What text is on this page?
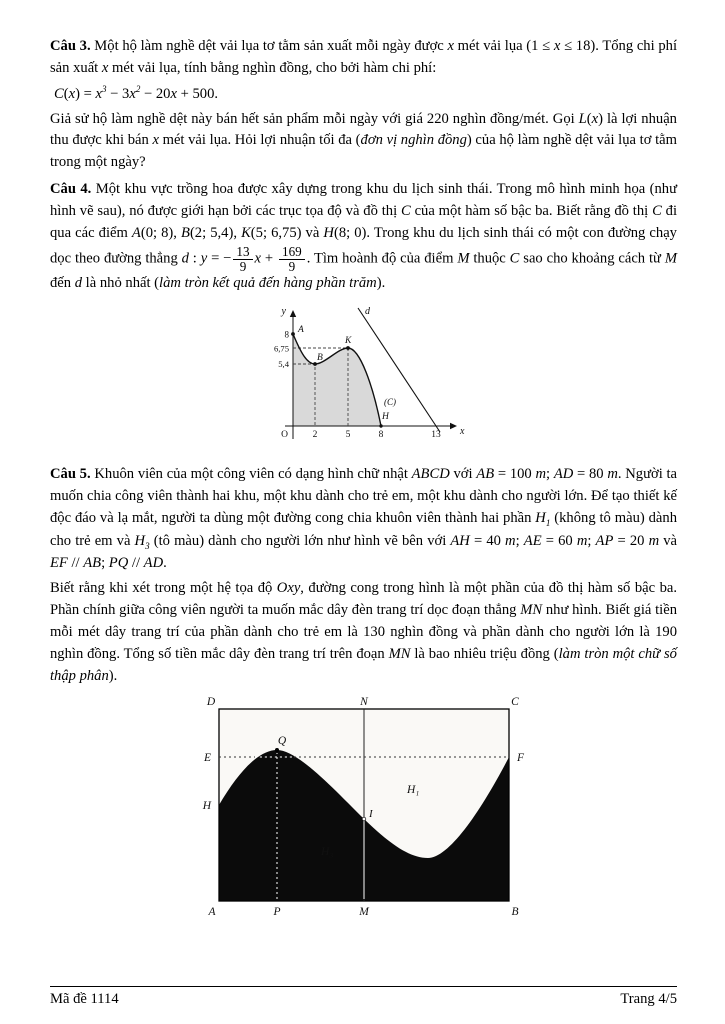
Câu 3. Một hộ làm nghề dệt vải lụa tơ tằm sản xuất mỗi ngày được x mét vải lụa (1 ≤ x ≤ 18). Tổng chi phí sản xuất x mét vải lụa, tính bằng nghìn đồng, cho bởi hàm chi phí:

$C(x) = x^3 - 3x^2 - 20x + 500$.

Giả sử hộ làm nghề dệt này bán hết sản phẩm mỗi ngày với giá 220 nghìn đồng/mét. Gọi L(x) là lợi nhuận thu được khi bán x mét vải lụa. Hỏi lợi nhuận tối đa (đơn vị nghìn đồng) của hộ làm nghề dệt vải lụa tơ tằm trong một ngày?

Câu 4. Một khu vực trồng hoa được xây dựng trong khu du lịch sinh thái. Trong mô hình minh họa (như hình vẽ sau), nó được giới hạn bởi các trục tọa độ và đồ thị C của một hàm số bậc ba. Biết rằng đồ thị C đi qua các điểm A(0; 8), B(2; 5,4), K(5; 6,75) và H(8; 0). Trong khu du lịch sinh thái có một con đường chạy dọc theo đường thẳng d : y = − $\frac{13}{9}$ $x + \frac{169}{9}$ . Tìm hoành độ của điểm M thuộc C sao cho khoảng cách từ M đến d là nhỏ nhất (làm tròn kết quả đến hàng phần trăm).

y	d
x
O
8
6,75
5,4
A
B
K
(C)
H
2	5	8	13

Câu 5. Khuôn viên của một công viên có dạng hình chữ nhật ABCD với AB = 100 m; AD = 80 m. Người ta muốn chia công viên thành hai khu, một khu dành cho trẻ em, một khu dành cho người lớn. Để tạo thiết kế độc đáo và lạ mắt, người ta dùng một đường cong chia khuôn viên thành hai phần $H_1$ (không tô màu) dành cho trẻ em và $H_3$ (tô màu) dành cho người lớn như hình vẽ bên với AH = 40 m; AE = 60 m; AP = 20 m và EF // AB; PQ // AD.

Biết rằng khi xét trong một hệ tọa độ Oxy, đường cong trong hình là một phần của đồ thị hàm số bậc ba. Phần chính giữa công viên người ta muốn mắc dây đèn trang trí dọc đoạn thẳng MN như hình. Biết giá tiền mỗi mét dây trang trí của phần dành cho trẻ em là 130 nghìn đồng và phần dành cho người lớn là 190 nghìn đồng. Tổng số tiền mắc dây đèn trang trí trên đoạn MN là bao nhiêu triệu đồng (làm tròn một chữ số thập phân).

D	N	C
E	F
H
Q
I
H₁
H₃
A	P	M	B
Mã đề 1114	Trang 4/5
